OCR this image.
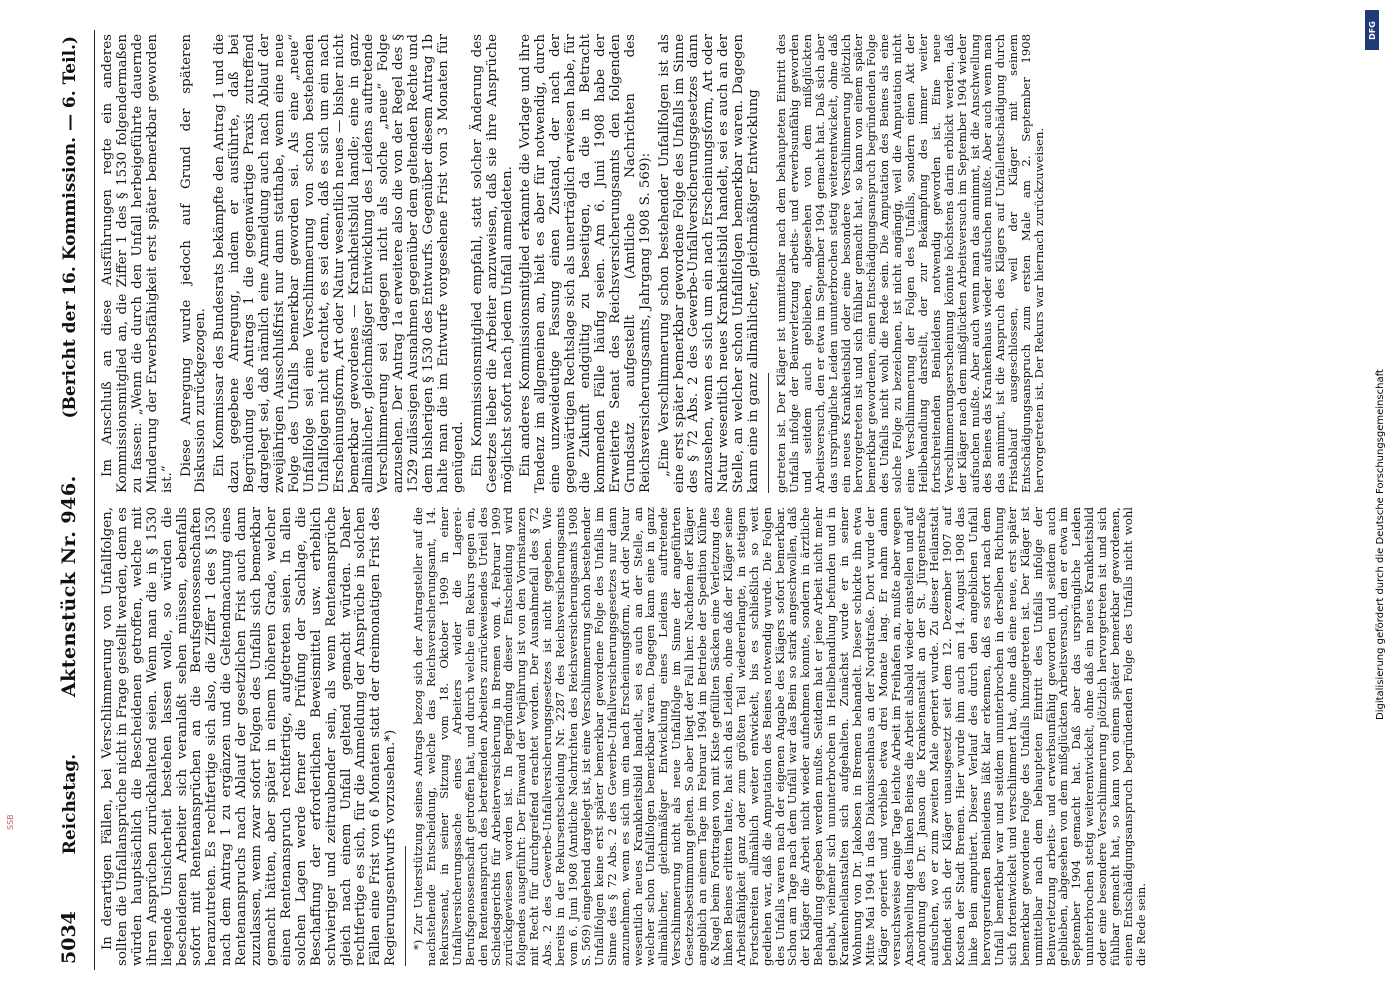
SSB
DFG
Digitalisierung gefördert durch die Deutsche Forschungsgemeinschaft
5034
Reichstag.
Aktenstück Nr. 946.
(Bericht der 16. Kommission. — 6. Teil.)

In derartigen Fällen, bei Verschlimmerung von Unfallfolgen, sollten die Unfallansprüche nicht in Frage gestellt werden, denn es würden hauptsächlich die Bescheidenen getroffen, welche mit ihren Ansprüchen zurückhaltend seien. Wenn man die in § 1530 liegende Unsicherheit bestehen lassen wolle, so würden die bescheidenen Arbeiter sich veranlaßt sehen müssen, ebenfalls sofort mit Rentenansprüchen an die Berufsgenossenschaften heranzutreten. Es rechtfertige sich also, die Ziffer 1 des § 1530 nach dem Antrag 1 zu ergänzen und die Geltendmachung eines Rentenanspruchs nach Ablauf der gesetzlichen Frist auch dann zuzulassen, wenn zwar sofort Folgen des Unfalls sich bemerkbar gemacht hätten, aber später in einem höheren Grade, welcher einen Rentenanspruch rechtfertige, aufgetreten seien. In allen solchen Lagen werde ferner die Prüfung der Sachlage, die Beschaffung der erforderlichen Beweismittel usw. erheblich schwieriger und zeitraubender sein, als wenn Rentenansprüche gleich nach einem Unfall geltend gemacht würden. Daher rechtfertige es sich, für die Anmeldung der Ansprüche in solchen Fällen eine Frist von 6 Monaten statt der dreimonatigen Frist des Regierungsentwurfs vorzusehen.*) *) Zur Unterstützung seines Antrags bezog sich der Antragsteller auf die nachstehende Entscheidung, welche das Reichsversicherungsamt, 14. Rekurssenat, in seiner Sitzung vom 18. Oktober 1909 in einer Unfallversicherungssache eines Arbeiters wider die Lagerei-Berufsgenossenschaft getroffen hat, und durch welche ein Rekurs gegen ein, den Rentenanspruch des betreffenden Arbeiters zurückweisendes Urteil des Schiedsgerichts für Arbeiterversicherung in Bremen vom 4. Februar 1909 zurückgewiesen worden ist. In Begründung dieser Entscheidung wird folgendes ausgeführt: Der Einwand der Verjährung ist von den Vorinstanzen mit Recht für durchgreifend erachtet worden. Der Ausnahmefall des § 72 Abs. 2 des Gewerbe-Unfallversicherungsgesetzes ist nicht gegeben. Wie bereits in der Rekursentscheidung Nr. 2287 des Reichsversicherungsamts vom 6. Juni 1908 (Amtliche Nachrichten des Reichsversicherungsamts 1908 S. 569) eingehend dargelegt ist, ist eine Verschlimmerung schon bestehender Unfallfolgen keine erst später bemerkbar gewordene Folge des Unfalls im Sinne des § 72 Abs. 2 des Gewerbe-Unfallversicherungsgesetzes nur dann anzunehmen, wenn es sich um ein nach Erscheinungsform, Art oder Natur wesentlich neues Krankheitsbild handelt, sei es auch an der Stelle, an welcher schon Unfallfolgen bemerkbar waren. Dagegen kann eine in ganz allmählicher, gleichmäßiger Entwicklung eines Leidens auftretende Verschlimmerung nicht als neue Unfallfolge im Sinne der angeführten Gesetzesbestimmung gelten. So aber liegt der Fall hier. Nachdem der Kläger angeblich an einem Tage im Februar 1904 im Betriebe der Spedition Kühne & Nagel beim Forttragen von mit Kiste gefüllten Säcken eine Verletzung des linken Beines erlitten hatte, hat sich das Leiden, ohne daß der Kläger seine Arbeitsfähigkeit ganz oder zum größten Teil wiedererlangte, in stetigem Fortschreiten allmählich weiter entwickelt, bis es schließlich so weit gediehen war, daß die Amputation des Beines notwendig wurde. Die Folgen des Unfalls waren nach der eigenen Angabe des Klägers sofort bemerkbar. Schon am Tage nach dem Unfall war das Bein so stark angeschwollen, daß der Kläger die Arbeit nicht wieder aufnehmen konnte, sondern in ärztliche Behandlung gegeben werden mußte. Seitdem hat er jene Arbeit nicht mehr gehabt, vielmehr sich ununterbrochen in Heilbehandlung befunden und in Krankenheilanstalten sich aufgehalten. Zunächst wurde er in seiner Wohnung von Dr. Jakobsen in Bremen behandelt. Dieser schickte ihn etwa Mitte Mai 1904 in das Diakonissenhaus an der Nordstraße. Dort wurde der Kläger operiert und verblieb etwa drei Monate lang. Er nahm dann versuchsweise einige Tage leichte Arbeit im Freihafen an, mußte aber wegen Anschwellung des linken Beines die Arbeit alsbald wieder einstellen und auf Anordnung des Dr. Janson die Krankenanstalt an der St. Jürgenstraße aufsuchen, wo er zum zweiten Male operiert wurde. Zu dieser Heilanstalt befindet sich der Kläger unausgesetzt seit dem 12. Dezember 1907 auf Kosten der Stadt Bremen. Hier wurde ihm auch am 14. August 1908 das linke Bein amputiert. Dieser Verlauf des durch den angeblichen Unfall hervorgerufenen Beinleidens läßt klar erkennen, daß es sofort nach dem Unfall bemerkbar war und seitdem ununterbrochen in derselben Richtung sich fortentwickelt und verschlimmert hat, ohne daß eine neue, erst später bemerkbar gewordene Folge des Unfalls hinzugetreten ist. Der Kläger ist unmittelbar nach dem behaupteten Eintritt des Unfalls infolge der Beinverletzung arbeits- und erwerbsunfähig geworden und seitdem auch geblieben, abgesehen von dem mißglückten Arbeitsversuch, den er etwa im September 1904 gemacht hat. Daß aber das ursprüngliche Leiden ununterbrochen stetig weiterentwickelt, ohne daß ein neues Krankheitsbild oder eine besondere Verschlimmerung plötzlich hervorgetreten ist und sich fühlbar gemacht hat, so kann von einem später bemerkbar gewordenen, einen Entschädigungsanspruch begründenden Folge des Unfalls nicht wohl die Rede sein.

Im Anschluß an diese Ausführungen regte ein anderes Kommissionsmitglied an, die Ziffer 1 des § 1530 folgendermaßen zu fassen: „Wenn die durch den Unfall herbeigeführte dauernde Minderung der Erwerbsfähigkeit erst später bemerkbar geworden ist.“

Diese Anregung wurde jedoch auf Grund der späteren Diskussion zurückgezogen. Ein Kommissar des Bundesrats bekämpfte den Antrag 1 und die dazu gegebene Anregung, indem er ausführte, daß bei Begründung des Antrags 1 die gegenwärtige Praxis zutreffend dargelegt sei, daß nämlich eine Anmeldung auch nach Ablauf der zweijährigen Ausschlußfrist nur dann statthabe, wenn eine neue Folge des Unfalls bemerkbar geworden sei. Als eine „neue“ Unfallfolge sei eine Verschlimmerung von schon bestehenden Unfallfolgen nicht erachtet, es sei denn, daß es sich um ein nach Erscheinungsform, Art oder Natur wesentlich neues — bisher nicht bemerkbar gewordenes — Krankheitsbild handle; eine in ganz allmählicher, gleichmäßiger Entwicklung des Leidens auftretende Verschlimmerung sei dagegen nicht als solche „neue“ Folge anzusehen. Der Antrag 1a erweitere also die von der Regel des § 1529 zulässigen Ausnahmen gegenüber dem geltenden Rechte und dem bisherigen § 1530 des Entwurfs. Gegenüber diesem Antrag 1b halte man die im Entwurfe vorgesehene Frist von 3 Monaten für genügend. Ein Kommissionsmitglied empfahl, statt solcher Änderung des Gesetzes lieber die Arbeiter anzuweisen, daß sie ihre Ansprüche möglichst sofort nach jedem Unfall anmeldeten. Ein anderes Kommissionsmitglied erkannte die Vorlage und ihre Tendenz im allgemeinen an, hielt es aber für notwendig, durch eine unzweideutige Fassung einen Zustand, der nach der gegenwärtigen Rechtslage sich als unerträglich erwiesen habe, für die Zukunft endgültig zu beseitigen, da die in Betracht kommenden Fälle häufig seien. Am 6. Juni 1908 habe der Erweiterte Senat des Reichsversicherungsamts den folgenden Grundsatz aufgestellt (Amtliche Nachrichten des Reichsversicherungsamts, Jahrgang 1908 S. 569): „Eine Verschlimmerung schon bestehender Unfallfolgen ist als eine erst später bemerkbar gewordene Folge des Unfalls im Sinne des § 72 Abs. 2 des Gewerbe-Unfallversicherungsgesetzes dann anzusehen, wenn es sich um ein nach Erscheinungsform, Art oder Natur wesentlich neues Krankheitsbild handelt, sei es auch an der Stelle, an welcher schon Unfallfolgen bemerkbar waren. Dagegen kann eine in ganz allmählicher, gleichmäßiger Entwicklung getreten ist. Der Kläger ist unmittelbar nach dem behaupteten Eintritt des Unfalls infolge der Beinverletzung arbeits- und erwerbsunfähig geworden und seitdem auch geblieben, abgesehen von dem mißglückten Arbeitsversuch, den er etwa im September 1904 gemacht hat. Daß sich aber das ursprüngliche Leiden ununterbrochen stetig weiterentwickelt, ohne daß ein neues Krankheitsbild oder eine besondere Verschlimmerung plötzlich hervorgetreten ist und sich fühlbar gemacht hat, so kann von einem später bemerkbar gewordenen, einen Entschädigungsanspruch begründenden Folge des Unfalls nicht wohl die Rede sein. Die Amputation des Beines als eine solche Folge zu bezeichnen, ist nicht angängig, weil die Amputation nicht eine Verschlimmerung der Folgen des Unfalls, sondern einen Akt der Heilbehandlung darstellt, der zur Bekämpfung des immer weiter fortschreitenden Beinleidens notwendig geworden ist. Eine neue Verschlimmerungserscheinung könnte höchstens darin erblickt werden, daß der Kläger nach dem mißglückten Arbeitsversuch im September 1904 wieder aufsuchen mußte. Aber auch wenn man das annimmt, ist die Anschwellung des Beines das Krankenhaus wieder aufsuchen mußte. Aber auch wenn man das annimmt, ist die Anspruch des Klägers auf Unfallentschädigung durch Fristablauf ausgeschlossen, weil der Kläger mit seinem Entschädigungsanspruch zum ersten Male am 2. September 1908 hervorgetreten ist. Der Rekurs war hiernach zurückzuweisen.
